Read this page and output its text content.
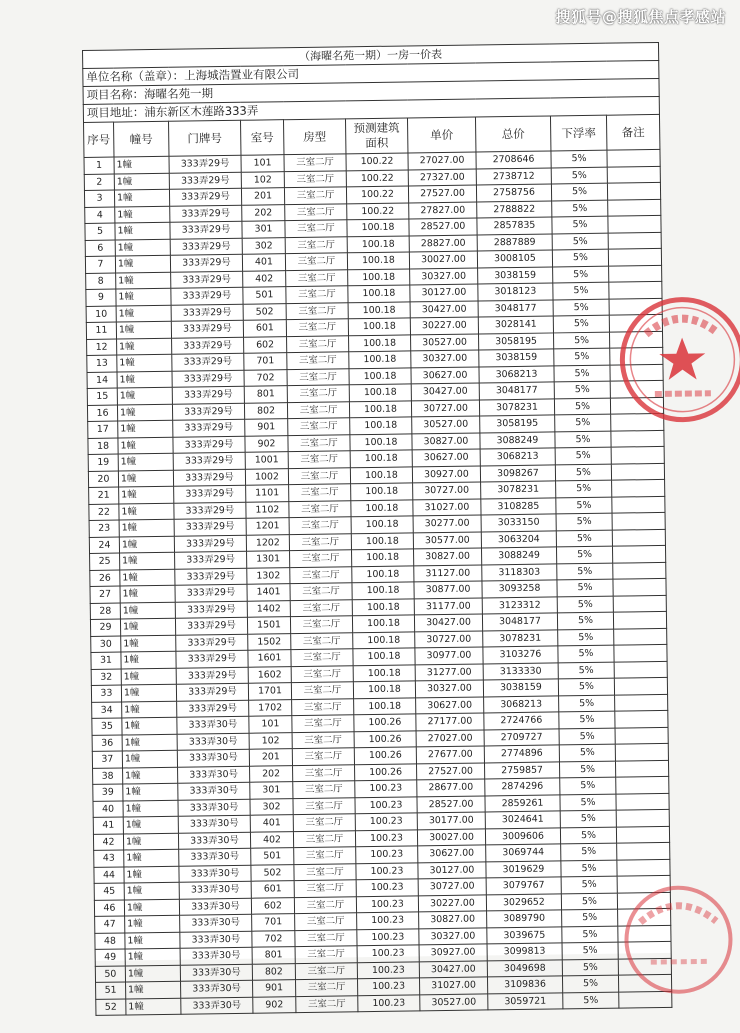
搜狐号@搜狐焦点孝感站
（海曜名苑一期）一房一价表									
单位名称（盖章）：上海城浩置业有限公司									
项目名称：海曜名苑一期									
项目地址：浦东新区木莲路333弄									
序号	幢号	门牌号	室号	房型	预测建筑面积	单价	总价	下浮率	备注
1	1幢	333弄29号	101	三室二厅	100.22	27027.00	2708646	5%	
2	1幢	333弄29号	102	三室二厅	100.22	27327.00	2738712	5%	
3	1幢	333弄29号	201	三室二厅	100.22	27527.00	2758756	5%	
4	1幢	333弄29号	202	三室二厅	100.22	27827.00	2788822	5%	
5	1幢	333弄29号	301	三室二厅	100.18	28527.00	2857835	5%	
6	1幢	333弄29号	302	三室二厅	100.18	28827.00	2887889	5%	
7	1幢	333弄29号	401	三室二厅	100.18	30027.00	3008105	5%	
8	1幢	333弄29号	402	三室二厅	100.18	30327.00	3038159	5%	
9	1幢	333弄29号	501	三室二厅	100.18	30127.00	3018123	5%	
10	1幢	333弄29号	502	三室二厅	100.18	30427.00	3048177	5%	
11	1幢	333弄29号	601	三室二厅	100.18	30227.00	3028141	5%	
12	1幢	333弄29号	602	三室二厅	100.18	30527.00	3058195	5%	
13	1幢	333弄29号	701	三室二厅	100.18	30327.00	3038159	5%	
14	1幢	333弄29号	702	三室二厅	100.18	30627.00	3068213	5%	
15	1幢	333弄29号	801	三室二厅	100.18	30427.00	3048177	5%	
16	1幢	333弄29号	802	三室二厅	100.18	30727.00	3078231	5%	
17	1幢	333弄29号	901	三室二厅	100.18	30527.00	3058195	5%	
18	1幢	333弄29号	902	三室二厅	100.18	30827.00	3088249	5%	
19	1幢	333弄29号	1001	三室二厅	100.18	30627.00	3068213	5%	
20	1幢	333弄29号	1002	三室二厅	100.18	30927.00	3098267	5%	
21	1幢	333弄29号	1101	三室二厅	100.18	30727.00	3078231	5%	
22	1幢	333弄29号	1102	三室二厅	100.18	31027.00	3108285	5%	
23	1幢	333弄29号	1201	三室二厅	100.18	30277.00	3033150	5%	
24	1幢	333弄29号	1202	三室二厅	100.18	30577.00	3063204	5%	
25	1幢	333弄29号	1301	三室二厅	100.18	30827.00	3088249	5%	
26	1幢	333弄29号	1302	三室二厅	100.18	31127.00	3118303	5%	
27	1幢	333弄29号	1401	三室二厅	100.18	30877.00	3093258	5%	
28	1幢	333弄29号	1402	三室二厅	100.18	31177.00	3123312	5%	
29	1幢	333弄29号	1501	三室二厅	100.18	30427.00	3048177	5%	
30	1幢	333弄29号	1502	三室二厅	100.18	30727.00	3078231	5%	
31	1幢	333弄29号	1601	三室二厅	100.18	30977.00	3103276	5%	
32	1幢	333弄29号	1602	三室二厅	100.18	31277.00	3133330	5%	
33	1幢	333弄29号	1701	三室二厅	100.18	30327.00	3038159	5%	
34	1幢	333弄29号	1702	三室二厅	100.18	30627.00	3068213	5%	
35	1幢	333弄30号	101	三室二厅	100.26	27177.00	2724766	5%	
36	1幢	333弄30号	102	三室二厅	100.26	27027.00	2709727	5%	
37	1幢	333弄30号	201	三室二厅	100.26	27677.00	2774896	5%	
38	1幢	333弄30号	202	三室二厅	100.26	27527.00	2759857	5%	
39	1幢	333弄30号	301	三室二厅	100.23	28677.00	2874296	5%	
40	1幢	333弄30号	302	三室二厅	100.23	28527.00	2859261	5%	
41	1幢	333弄30号	401	三室二厅	100.23	30177.00	3024641	5%	
42	1幢	333弄30号	402	三室二厅	100.23	30027.00	3009606	5%	
43	1幢	333弄30号	501	三室二厅	100.23	30627.00	3069744	5%	
44	1幢	333弄30号	502	三室二厅	100.23	30127.00	3019629	5%	
45	1幢	333弄30号	601	三室二厅	100.23	30727.00	3079767	5%	
46	1幢	333弄30号	602	三室二厅	100.23	30227.00	3029652	5%	
47	1幢	333弄30号	701	三室二厅	100.23	30827.00	3089790	5%	
48	1幢	333弄30号	702	三室二厅	100.23	30327.00	3039675	5%	
49	1幢	333弄30号	801	三室二厅	100.23	30927.00	3099813	5%	
50	1幢	333弄30号	802	三室二厅	100.23	30427.00	3049698	5%	
51	1幢	333弄30号	901	三室二厅	100.23	31027.00	3109836	5%	
52	1幢	333弄30号	902	三室二厅	100.23	30527.00	3059721	5%	
